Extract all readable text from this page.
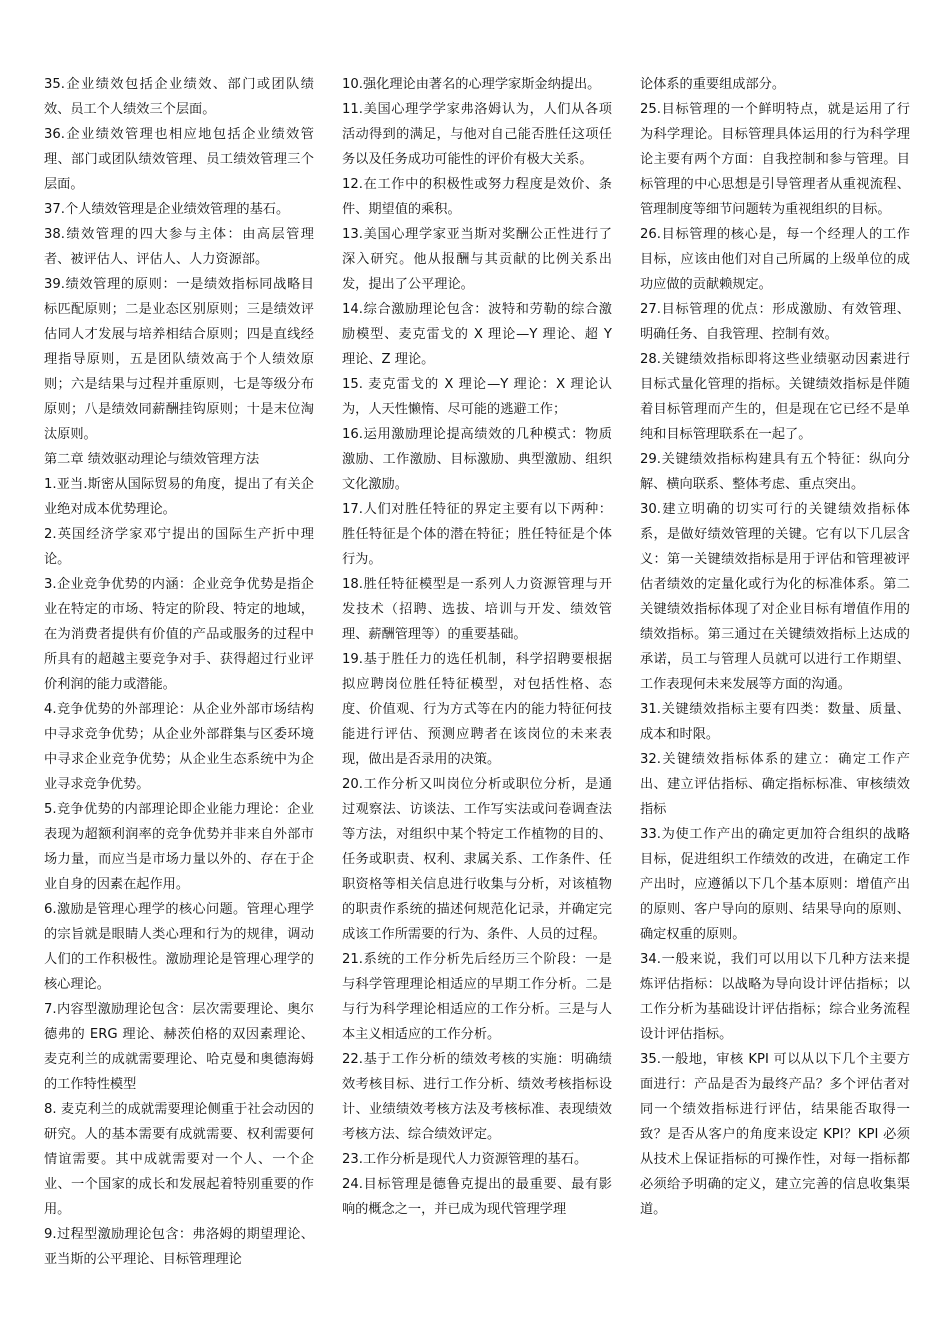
35.企业绩效包括企业绩效、部门或团队绩效、员工个人绩效三个层面。

36.企业绩效管理也相应地包括企业绩效管理、部门或团队绩效管理、员工绩效管理三个层面。

37.个人绩效管理是企业绩效管理的基石。

38.绩效管理的四大参与主体：由高层管理者、被评估人、评估人、人力资源部。

39.绩效管理的原则：一是绩效指标同战略目标匹配原则；二是业态区别原则；三是绩效评估同人才发展与培养相结合原则；四是直线经理指导原则，五是团队绩效高于个人绩效原则；六是结果与过程并重原则，七是等级分布原则；八是绩效同薪酬挂钩原则；十是末位淘汰原则。

第二章 绩效驱动理论与绩效管理方法

1.亚当.斯密从国际贸易的角度，提出了有关企业绝对成本优势理论。

2.英国经济学家邓宁提出的国际生产折中理论。

3.企业竞争优势的内涵：企业竞争优势是指企业在特定的市场、特定的阶段、特定的地域，在为消费者提供有价值的产品或服务的过程中所具有的超越主要竞争对手、获得超过行业评价利润的能力或潜能。

4.竞争优势的外部理论：从企业外部市场结构中寻求竞争优势；从企业外部群集与区委环境中寻求企业竞争优势；从企业生态系统中为企业寻求竞争优势。

5.竞争优势的内部理论即企业能力理论：企业表现为超额利润率的竞争优势并非来自外部市场力量，而应当是市场力量以外的、存在于企业自身的因素在起作用。

6.激励是管理心理学的核心问题。管理心理学的宗旨就是眼睛人类心理和行为的规律，调动人们的工作积极性。激励理论是管理心理学的核心理论。

7.内容型激励理论包含：层次需要理论、奥尔德弗的 ERG 理论、赫茨伯格的双因素理论、麦克利兰的成就需要理论、哈克曼和奥德海姆的工作特性模型

8. 麦克利兰的成就需要理论侧重于社会动因的研究。人的基本需要有成就需要、权利需要何情谊需要。其中成就需要对一个人、一个企业、一个国家的成长和发展起着特别重要的作用。

9.过程型激励理论包含：弗洛姆的期望理论、亚当斯的公平理论、目标管理理论

10.强化理论由著名的心理学家斯金纳提出。

11.美国心理学学家弗洛姆认为，人们从各项活动得到的满足，与他对自己能否胜任这项任务以及任务成功可能性的评价有极大关系。

12.在工作中的积极性或努力程度是效价、条件、期望值的乘积。

13.美国心理学家亚当斯对奖酬公正性进行了深入研究。他从报酬与其贡献的比例关系出发，提出了公平理论。

14.综合激励理论包含：波特和劳勒的综合激励模型、麦克雷戈的 X 理论—Y 理论、超 Y 理论、Z 理论。

15. 麦克雷戈的 X 理论—Y 理论：X 理论认为，人天性懒惰、尽可能的逃避工作；

16.运用激励理论提高绩效的几种模式：物质激励、工作激励、目标激励、典型激励、组织文化激励。

17.人们对胜任特征的界定主要有以下两种：胜任特征是个体的潜在特征；胜任特征是个体行为。

18.胜任特征模型是一系列人力资源管理与开发技术（招聘、选拔、培训与开发、绩效管理、薪酬管理等）的重要基础。

19.基于胜任力的选任机制，科学招聘要根据拟应聘岗位胜任特征模型，对包括性格、态度、价值观、行为方式等在内的能力特征何技能进行评估、预测应聘者在该岗位的未来表现，做出是否录用的决策。

20.工作分析又叫岗位分析或职位分析，是通过观察法、访谈法、工作写实法或问卷调查法等方法，对组织中某个特定工作植物的目的、任务或职责、权利、隶属关系、工作条件、任职资格等相关信息进行收集与分析，对该植物的职责作系统的描述何规范化记录，并确定完成该工作所需要的行为、条件、人员的过程。

21.系统的工作分析先后经历三个阶段：一是与科学管理理论相适应的早期工作分析。二是与行为科学理论相适应的工作分析。三是与人本主义相适应的工作分析。

22.基于工作分析的绩效考核的实施：明确绩效考核目标、进行工作分析、绩效考核指标设计、业绩绩效考核方法及考核标准、表现绩效考核方法、综合绩效评定。

23.工作分析是现代人力资源管理的基石。

24.目标管理是德鲁克提出的最重要、最有影响的概念之一，并已成为现代管理学理

论体系的重要组成部分。

25.目标管理的一个鲜明特点，就是运用了行为科学理论。目标管理具体运用的行为科学理论主要有两个方面：自我控制和参与管理。目标管理的中心思想是引导管理者从重视流程、管理制度等细节问题转为重视组织的目标。

26.目标管理的核心是，每一个经理人的工作目标，应该由他们对自己所属的上级单位的成功应做的贡献赖规定。

27.目标管理的优点：形成激励、有效管理、明确任务、自我管理、控制有效。

28.关键绩效指标即将这些业绩驱动因素进行目标式量化管理的指标。关键绩效指标是伴随着目标管理而产生的，但是现在它已经不是单纯和目标管理联系在一起了。

29.关键绩效指标构建具有五个特征：纵向分解、横向联系、整体考虑、重点突出。

30.建立明确的切实可行的关键绩效指标体系，是做好绩效管理的关键。它有以下几层含义：第一关键绩效指标是用于评估和管理被评估者绩效的定量化或行为化的标准体系。第二关键绩效指标体现了对企业目标有增值作用的绩效指标。第三通过在关键绩效指标上达成的承诺，员工与管理人员就可以进行工作期望、工作表现何未来发展等方面的沟通。

31.关键绩效指标主要有四类：数量、质量、成本和时限。

32.关键绩效指标体系的建立：确定工作产出、建立评估指标、确定指标标准、审核绩效指标

33.为使工作产出的确定更加符合组织的战略目标，促进组织工作绩效的改进，在确定工作产出时，应遵循以下几个基本原则：增值产出的原则、客户导向的原则、结果导向的原则、确定权重的原则。

34.一般来说，我们可以用以下几种方法来提炼评估指标：以战略为导向设计评估指标；以工作分析为基础设计评估指标；综合业务流程设计评估指标。

35.一般地，审核 KPI 可以从以下几个主要方面进行：产品是否为最终产品？多个评估者对同一个绩效指标进行评估，结果能否取得一致？是否从客户的角度来设定 KPI？KPI 必须从技术上保证指标的可操作性，对每一指标都必须给予明确的定义，建立完善的信息收集渠道。
